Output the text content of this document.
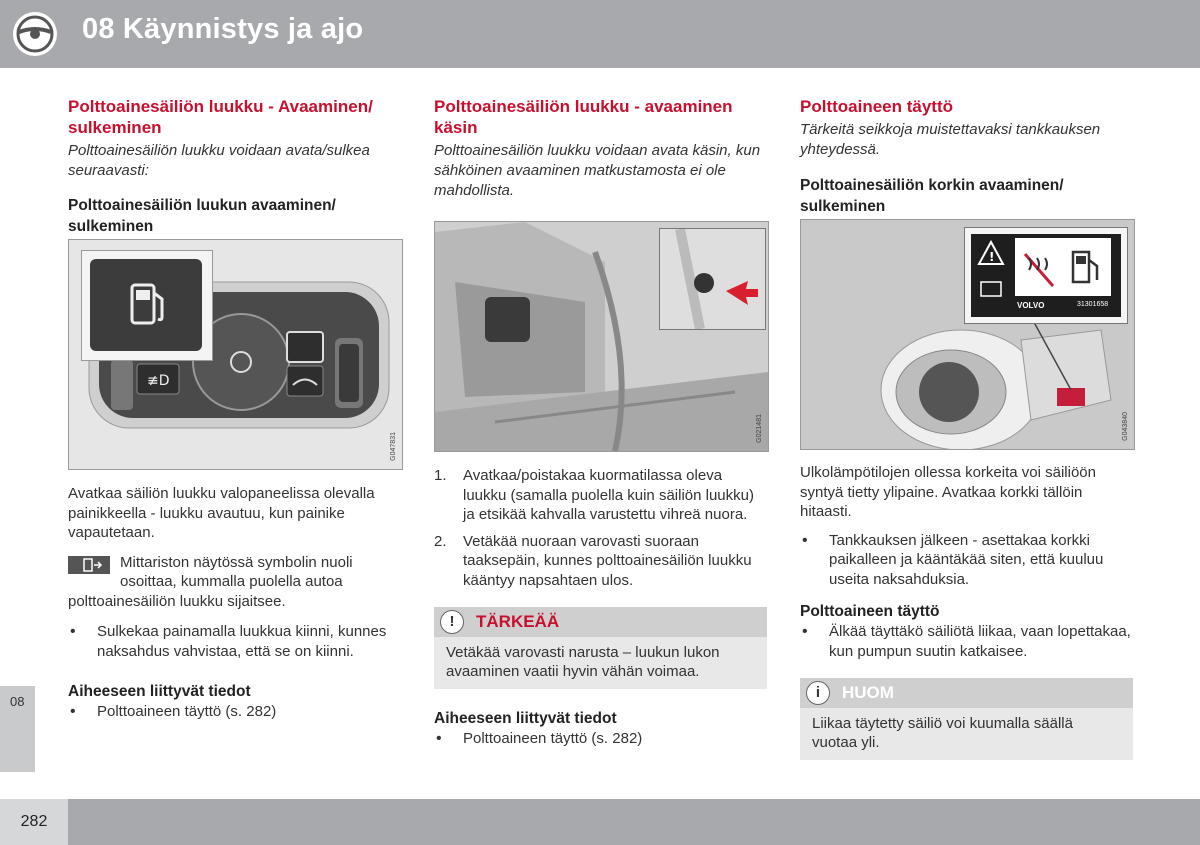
08 Käynnistys ja ajo
08
282
Polttoainesäiliön luukku - Avaaminen/ sulkeminen

Polttoainesäiliön luukku voidaan avata/sulkea seuraavasti:

Polttoainesäiliön luukun avaaminen/ sulkeminen
≢D
G047831

Avatkaa säiliön luukku valopaneelissa olevalla painikkeella - luukku avautuu, kun painike vapautetaan.

Mittariston näytössä symbolin nuoli osoittaa, kummalla puolella autoa polttoainesäiliön luukku sijaitsee.

• Sulkekaa painamalla luukkua kiinni, kunnes naksahdus vahvistaa, että se on kiinni.
Aiheeseen liittyvät tiedot
• Polttoaineen täyttö (s. 282)
Polttoainesäiliön luukku - avaaminen käsin

Polttoainesäiliön luukku voidaan avata käsin, kun sähköinen avaaminen matkustamosta ei ole mahdollista.

G021481
1. Avatkaa/poistakaa kuormatilassa oleva luukku (samalla puolella kuin säiliön luukku) ja etsikää kahvalla varustettu vihreä nuora.
2. Vetäkää nuoraan varovasti suoraan taaksepäin, kunnes polttoainesäiliön luukku kääntyy napsahtaen ulos.
!	TÄRKEÄÄ
Vetäkää varovasti narusta – luukun lukon avaaminen vaatii hyvin vähän voimaa.
Aiheeseen liittyvät tiedot
• Polttoaineen täyttö (s. 282)
Polttoaineen täyttö

Tärkeitä seikkoja muistettavaksi tankkauksen yhteydessä.

Polttoainesäiliön korkin avaaminen/ sulkeminen
!
VOLVO	31301658
G043840

Ulkolämpötilojen ollessa korkeita voi säiliöön syntyä tietty ylipaine. Avatkaa korkki tällöin hitaasti.

• Tankkauksen jälkeen - asettakaa korkki paikalleen ja kääntäkää siten, että kuuluu useita naksahduksia.
Polttoaineen täyttö
• Älkää täyttäkö säiliötä liikaa, vaan lopettakaa, kun pumpun suutin katkaisee.
i	HUOM
Liikaa täytetty säiliö voi kuumalla säällä vuotaa yli.
